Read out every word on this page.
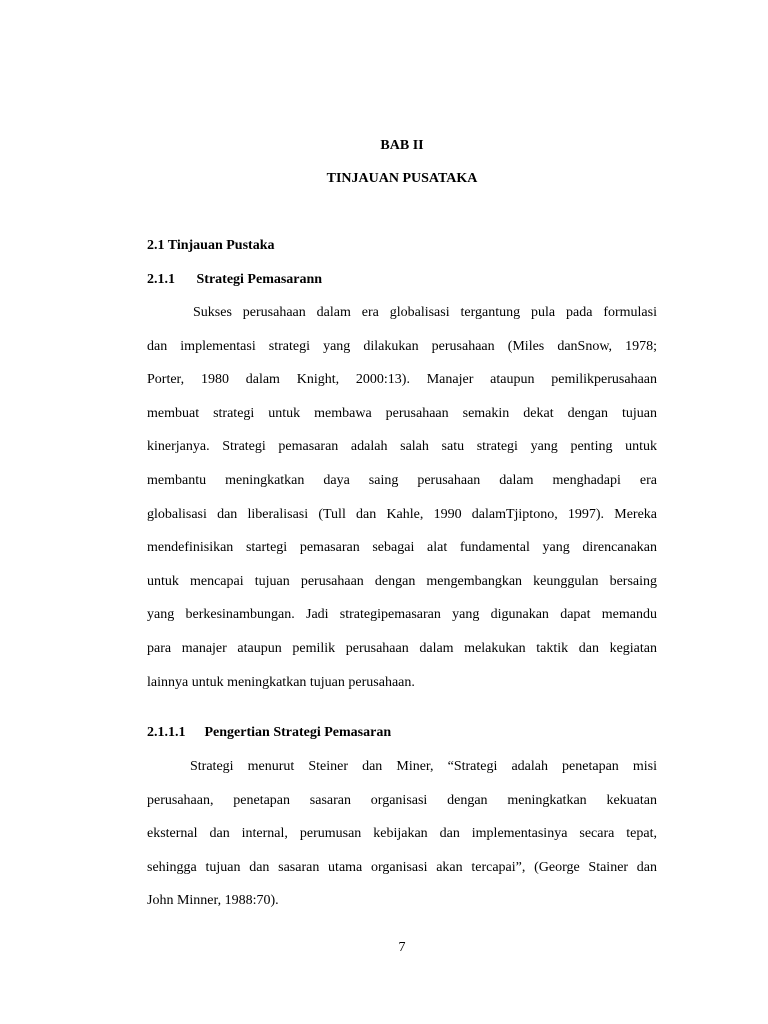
BAB II
TINJAUAN PUSATAKA
2.1 Tinjauan Pustaka
2.1.1 Strategi Pemasarann
Sukses perusahaan dalam era globalisasi tergantung pula pada formulasi
dan implementasi strategi yang dilakukan perusahaan (Miles danSnow, 1978;
Porter, 1980 dalam Knight, 2000:13). Manajer ataupun pemilikperusahaan
membuat strategi untuk membawa perusahaan semakin dekat dengan tujuan
kinerjanya. Strategi pemasaran adalah salah satu strategi yang penting untuk
membantu meningkatkan daya saing perusahaan dalam menghadapi era
globalisasi dan liberalisasi (Tull dan Kahle, 1990 dalamTjiptono, 1997). Mereka
mendefinisikan startegi pemasaran sebagai alat fundamental yang direncanakan
untuk mencapai tujuan perusahaan dengan mengembangkan keunggulan bersaing
yang berkesinambungan. Jadi strategipemasaran yang digunakan dapat memandu
para manajer ataupun pemilik perusahaan dalam melakukan taktik dan kegiatan
lainnya untuk meningkatkan tujuan perusahaan.
2.1.1.1 Pengertian Strategi Pemasaran
Strategi menurut Steiner dan Miner, “Strategi adalah penetapan misi
perusahaan, penetapan sasaran organisasi dengan meningkatkan kekuatan
eksternal dan internal, perumusan kebijakan dan implementasinya secara tepat,
sehingga tujuan dan sasaran utama organisasi akan tercapai”, (George Stainer dan
John Minner, 1988:70).
7
